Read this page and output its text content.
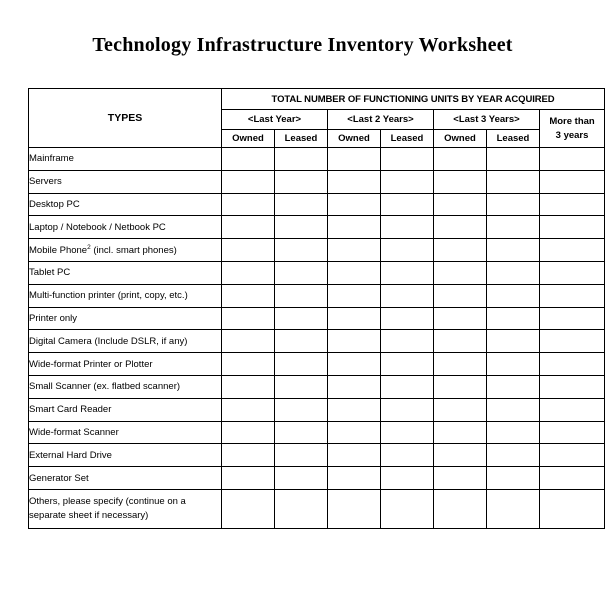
Technology Infrastructure Inventory Worksheet
TYPES	TOTAL NUMBER OF FUNCTIONING UNITS BY YEAR ACQUIRED						
	<Last Year>		<Last 2 Years>		<Last 3 Years>		More than
3 years
	Owned	Leased	Owned	Leased	Owned	Leased	
Mainframe							
Servers							
Desktop PC							
Laptop / Notebook / Netbook PC							
Mobile Phone$^2$ (incl. smart phones)							
Tablet PC							
Multi-function printer (print, copy, etc.)							
Printer only							
Digital Camera (Include DSLR, if any)							
Wide-format Printer or Plotter							
Small Scanner (ex. flatbed scanner)							
Smart Card Reader							
Wide-format Scanner							
External Hard Drive							
Generator Set							
Others, please specify (continue on a separate sheet if necessary)							
